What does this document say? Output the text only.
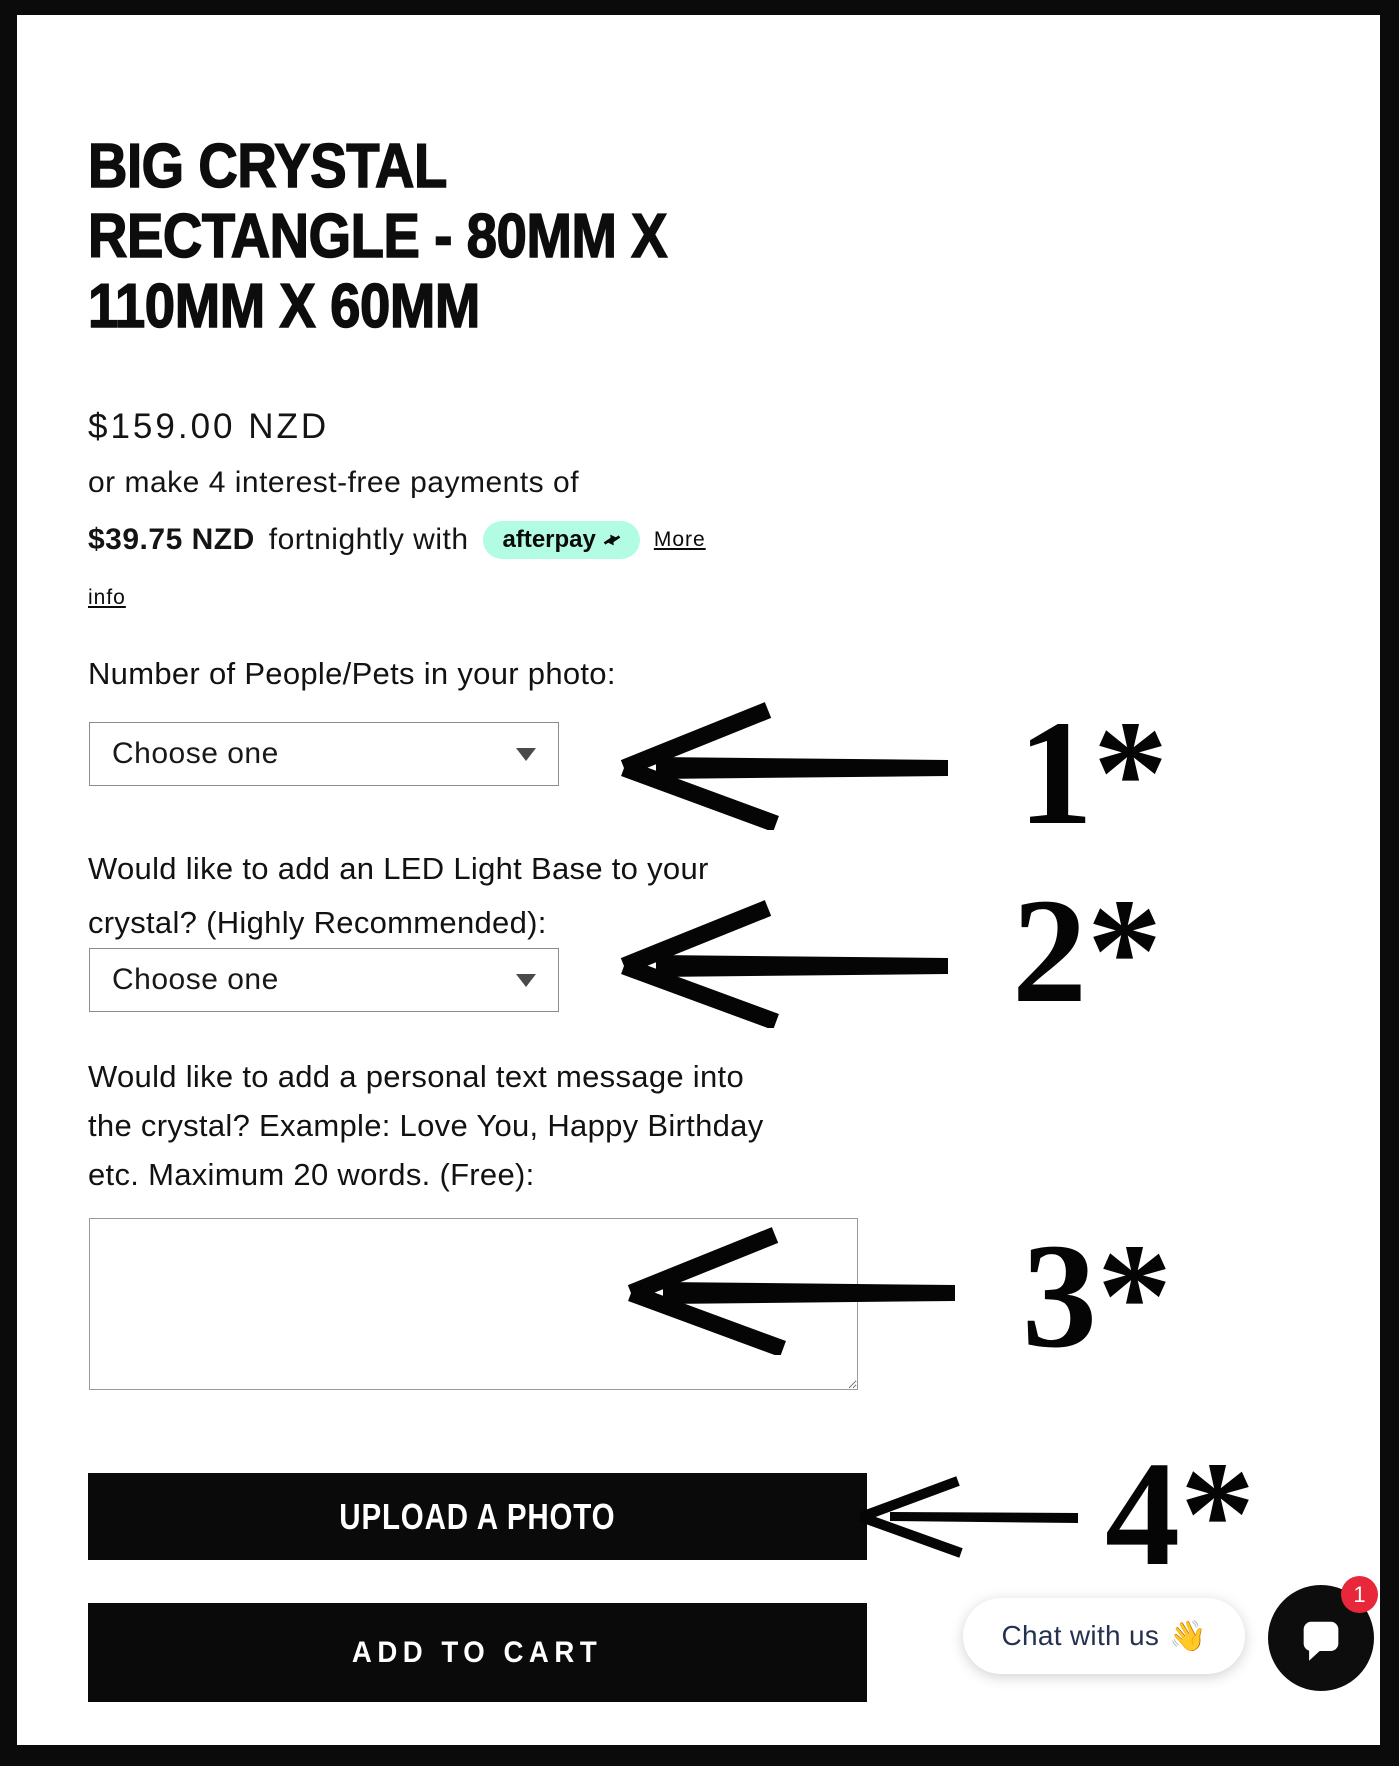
BIG CRYSTAL RECTANGLE - 80MM X 110MM X 60MM
$159.00 NZD
or make 4 interest-free payments of
$39.75 NZD fortnightly with afterpay	More
info
Number of People/Pets in your photo:
Choose one
Would like to add an LED Light Base to your crystal? (Highly Recommended):
Choose one
Would like to add a personal text message into the crystal? Example: Love You, Happy Birthday etc. Maximum 20 words. (Free):
UPLOAD A PHOTO
ADD TO CART
1*
2*
3*
4*
Chat with us 👋
1
